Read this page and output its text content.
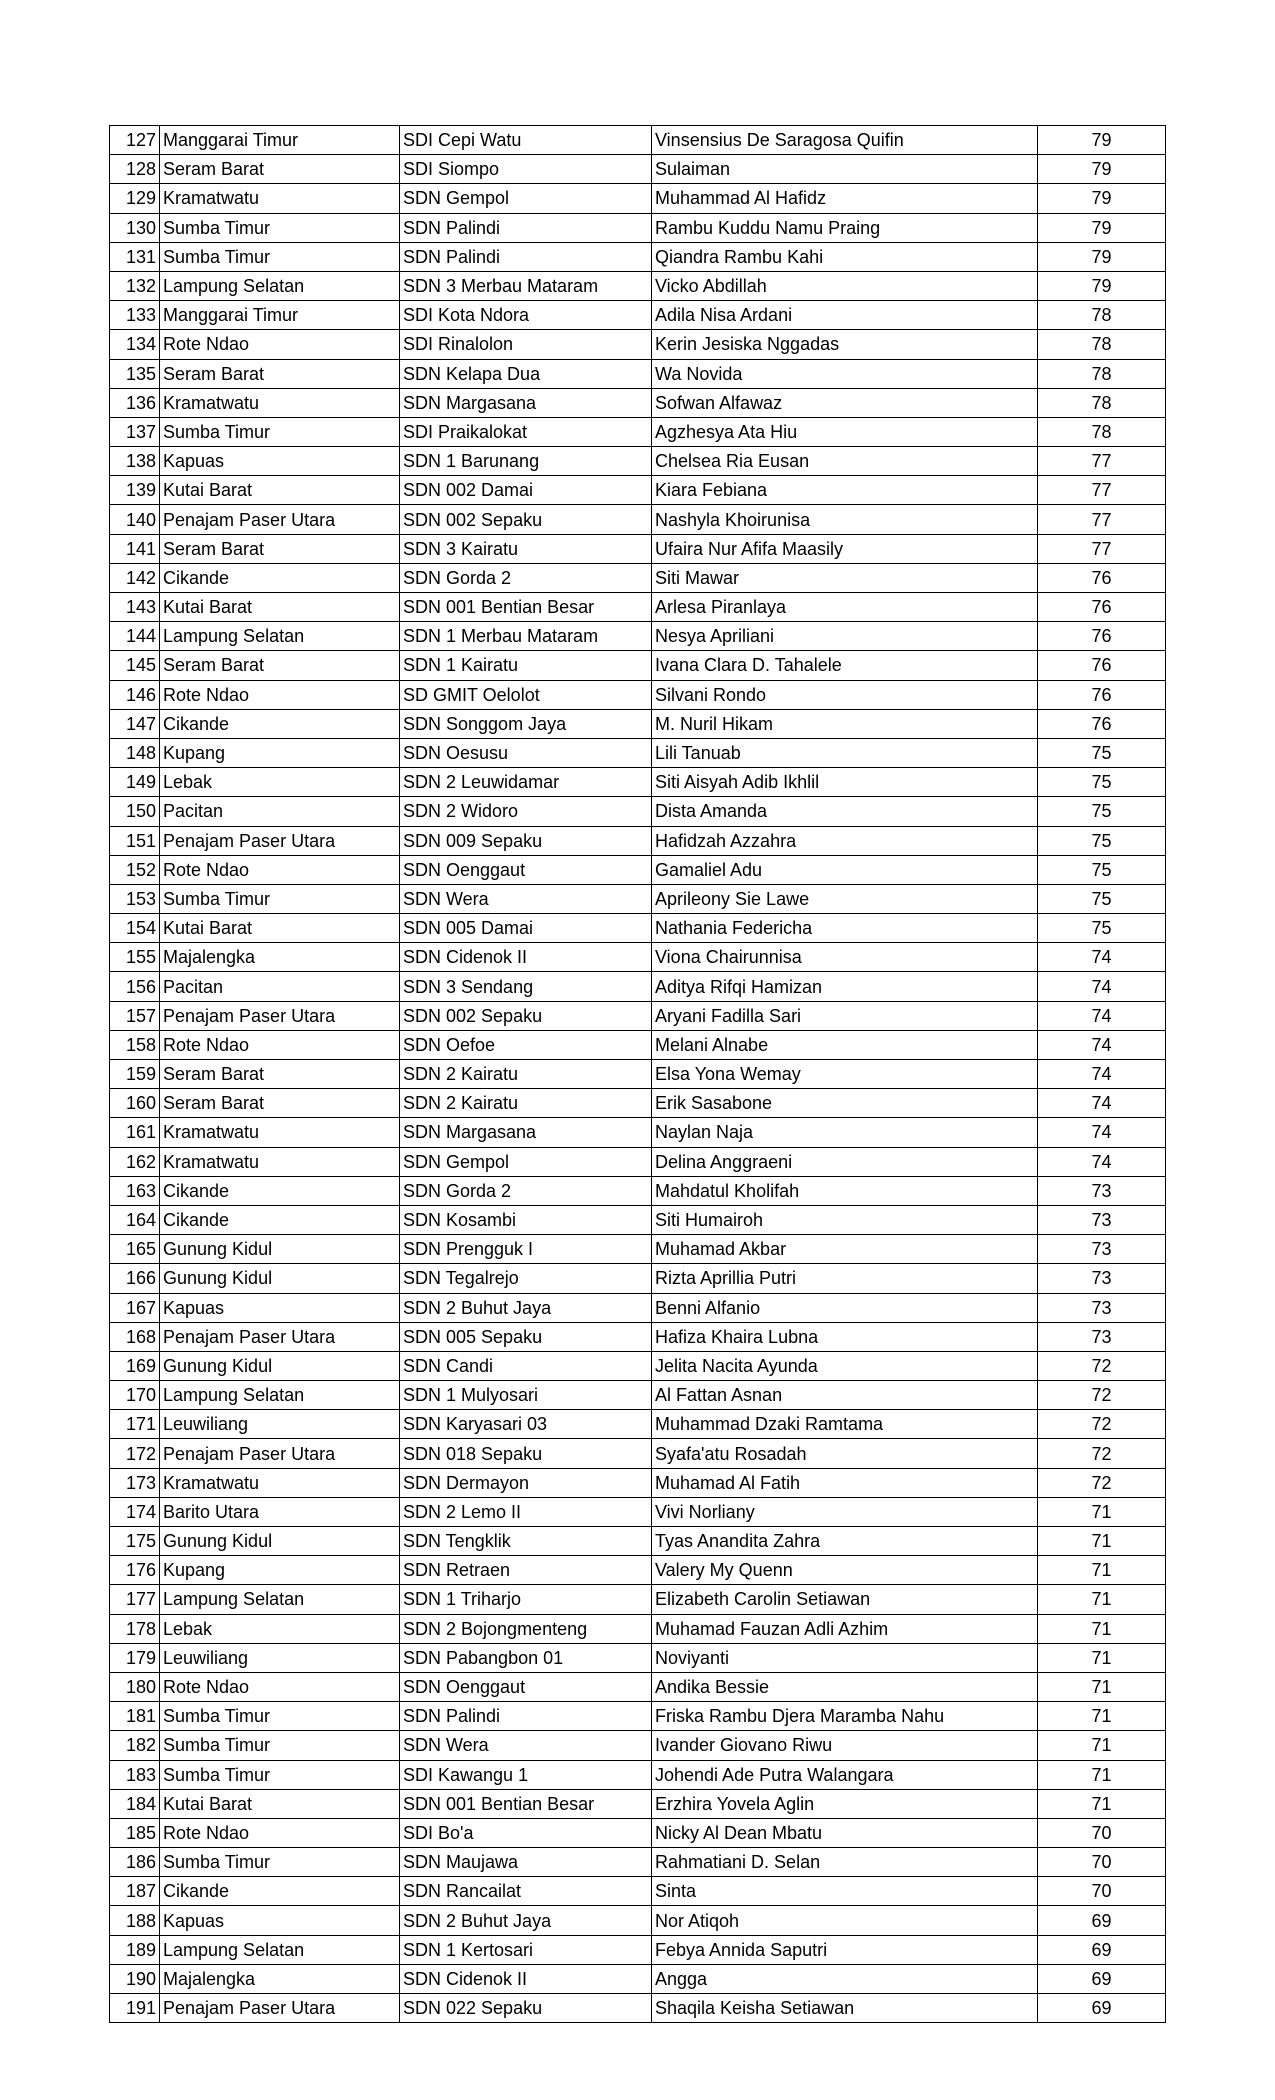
127	Manggarai Timur	SDI Cepi Watu	Vinsensius De Saragosa Quifin	79
128	Seram Barat	SDI Siompo	Sulaiman	79
129	Kramatwatu	SDN Gempol	Muhammad Al Hafidz	79
130	Sumba Timur	SDN Palindi	Rambu Kuddu Namu Praing	79
131	Sumba Timur	SDN Palindi	Qiandra Rambu Kahi	79
132	Lampung Selatan	SDN 3 Merbau Mataram	Vicko Abdillah	79
133	Manggarai Timur	SDI Kota Ndora	Adila Nisa Ardani	78
134	Rote Ndao	SDI Rinalolon	Kerin Jesiska Nggadas	78
135	Seram Barat	SDN Kelapa Dua	Wa Novida	78
136	Kramatwatu	SDN Margasana	Sofwan Alfawaz	78
137	Sumba Timur	SDI Praikalokat	Agzhesya Ata Hiu	78
138	Kapuas	SDN 1 Barunang	Chelsea Ria Eusan	77
139	Kutai Barat	SDN 002 Damai	Kiara Febiana	77
140	Penajam Paser Utara	SDN 002 Sepaku	Nashyla Khoirunisa	77
141	Seram Barat	SDN 3 Kairatu	Ufaira Nur Afifa Maasily	77
142	Cikande	SDN Gorda 2	Siti Mawar	76
143	Kutai Barat	SDN 001 Bentian Besar	Arlesa Piranlaya	76
144	Lampung Selatan	SDN 1 Merbau Mataram	Nesya Apriliani	76
145	Seram Barat	SDN 1 Kairatu	Ivana Clara D. Tahalele	76
146	Rote Ndao	SD GMIT Oelolot	Silvani Rondo	76
147	Cikande	SDN Songgom Jaya	M. Nuril Hikam	76
148	Kupang	SDN Oesusu	Lili Tanuab	75
149	Lebak	SDN 2 Leuwidamar	Siti Aisyah Adib Ikhlil	75
150	Pacitan	SDN 2 Widoro	Dista Amanda	75
151	Penajam Paser Utara	SDN 009 Sepaku	Hafidzah Azzahra	75
152	Rote Ndao	SDN Oenggaut	Gamaliel Adu	75
153	Sumba Timur	SDN Wera	Aprileony Sie Lawe	75
154	Kutai Barat	SDN 005 Damai	Nathania Federicha	75
155	Majalengka	SDN Cidenok II	Viona Chairunnisa	74
156	Pacitan	SDN 3 Sendang	Aditya Rifqi Hamizan	74
157	Penajam Paser Utara	SDN 002 Sepaku	Aryani Fadilla Sari	74
158	Rote Ndao	SDN Oefoe	Melani Alnabe	74
159	Seram Barat	SDN 2 Kairatu	Elsa Yona Wemay	74
160	Seram Barat	SDN 2 Kairatu	Erik Sasabone	74
161	Kramatwatu	SDN Margasana	Naylan Naja	74
162	Kramatwatu	SDN Gempol	Delina Anggraeni	74
163	Cikande	SDN Gorda 2	Mahdatul Kholifah	73
164	Cikande	SDN Kosambi	Siti Humairoh	73
165	Gunung Kidul	SDN Prengguk I	Muhamad Akbar	73
166	Gunung Kidul	SDN Tegalrejo	Rizta Aprillia Putri	73
167	Kapuas	SDN 2 Buhut Jaya	Benni Alfanio	73
168	Penajam Paser Utara	SDN 005 Sepaku	Hafiza Khaira Lubna	73
169	Gunung Kidul	SDN Candi	Jelita Nacita Ayunda	72
170	Lampung Selatan	SDN 1 Mulyosari	Al Fattan Asnan	72
171	Leuwiliang	SDN Karyasari 03	Muhammad Dzaki Ramtama	72
172	Penajam Paser Utara	SDN 018 Sepaku	Syafa'atu Rosadah	72
173	Kramatwatu	SDN Dermayon	Muhamad Al Fatih	72
174	Barito Utara	SDN 2 Lemo II	Vivi Norliany	71
175	Gunung Kidul	SDN Tengklik	Tyas Anandita Zahra	71
176	Kupang	SDN Retraen	Valery My Quenn	71
177	Lampung Selatan	SDN 1 Triharjo	Elizabeth Carolin Setiawan	71
178	Lebak	SDN 2 Bojongmenteng	Muhamad Fauzan Adli Azhim	71
179	Leuwiliang	SDN Pabangbon 01	Noviyanti	71
180	Rote Ndao	SDN Oenggaut	Andika Bessie	71
181	Sumba Timur	SDN Palindi	Friska Rambu Djera Maramba Nahu	71
182	Sumba Timur	SDN Wera	Ivander Giovano Riwu	71
183	Sumba Timur	SDI Kawangu 1	Johendi Ade Putra Walangara	71
184	Kutai Barat	SDN 001 Bentian Besar	Erzhira Yovela Aglin	71
185	Rote Ndao	SDI Bo'a	Nicky Al Dean Mbatu	70
186	Sumba Timur	SDN Maujawa	Rahmatiani D. Selan	70
187	Cikande	SDN Rancailat	Sinta	70
188	Kapuas	SDN 2 Buhut Jaya	Nor Atiqoh	69
189	Lampung Selatan	SDN 1 Kertosari	Febya Annida Saputri	69
190	Majalengka	SDN Cidenok II	Angga	69
191	Penajam Paser Utara	SDN 022 Sepaku	Shaqila Keisha Setiawan	69
